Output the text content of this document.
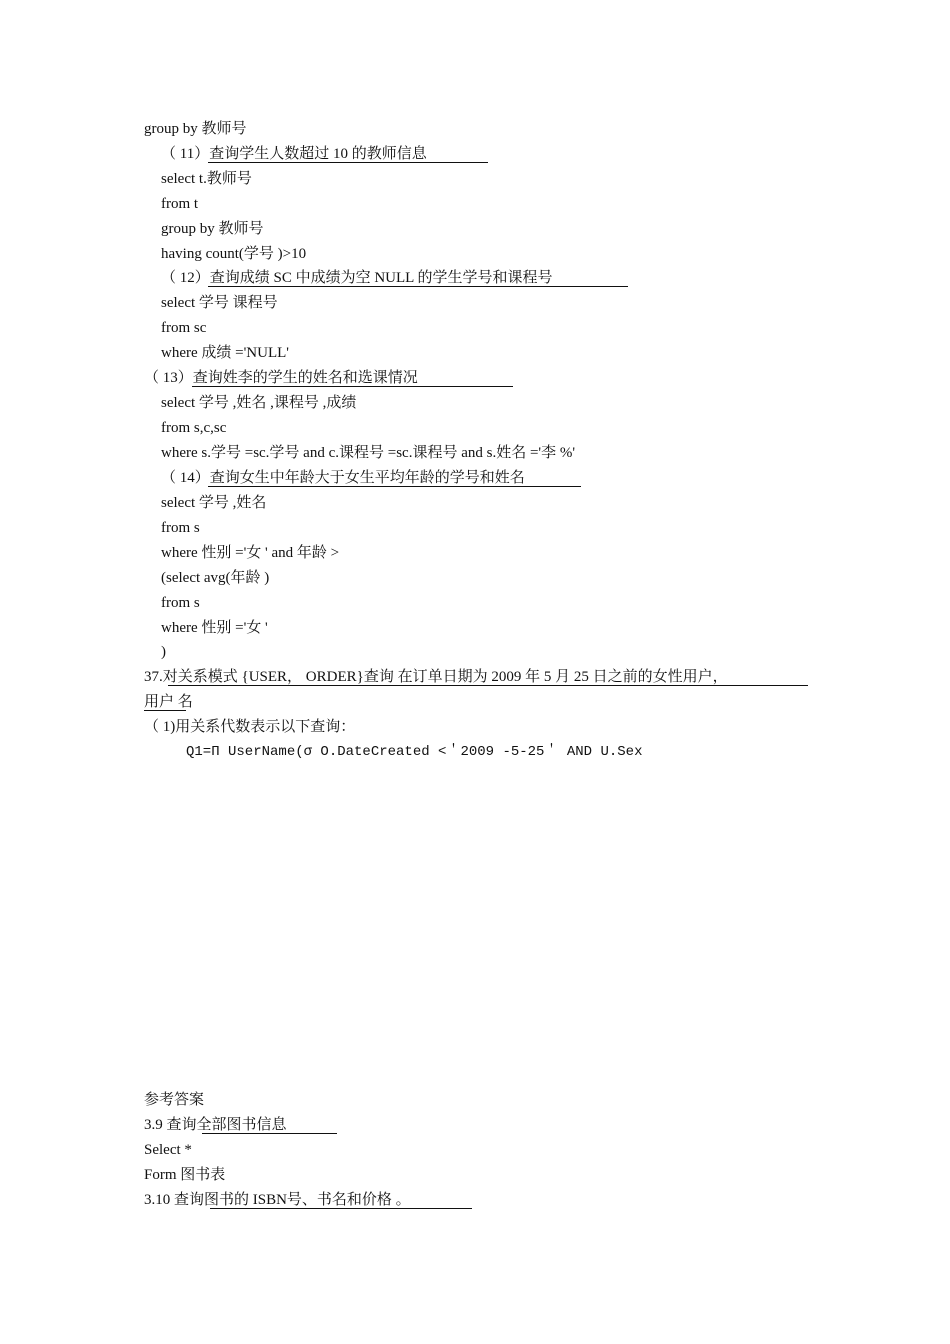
group by 教师号
（ 11）查询学生人数超过 10 的教师信息
select t.教师号
from t
group by 教师号
having count(学号 )>10
（ 12）查询成绩 SC 中成绩为空 NULL 的学生学号和课程号
select 学号 课程号
from sc
where 成绩 ='NULL'
（ 13）查询姓李的学生的姓名和选课情况
select 学号 ,姓名 ,课程号 ,成绩
from s,c,sc
where s.学号 =sc.学号 and c.课程号 =sc.课程号 and s.姓名 ='李 %'
（ 14）查询女生中年龄大于女生平均年龄的学号和姓名
select 学号 ,姓名
from s
where 性别 ='女 ' and 年龄 >
(select avg(年龄 )
from s
where 性别 ='女 '
)
37.对关系模式 {USER， ORDER}查询 在订单日期为 2009 年 5 月 25 日之前的女性用户，
用户 名
（ 1)用关系代数表示以下查询：
Q1=Π UserName(σ O.DateCreated <＇2009 -5-25＇ AND U.Sex
参考答案
3.9 查询全部图书信息
Select *
Form 图书表
3.10 查询图书的 ISBN号、书名和价格 。
